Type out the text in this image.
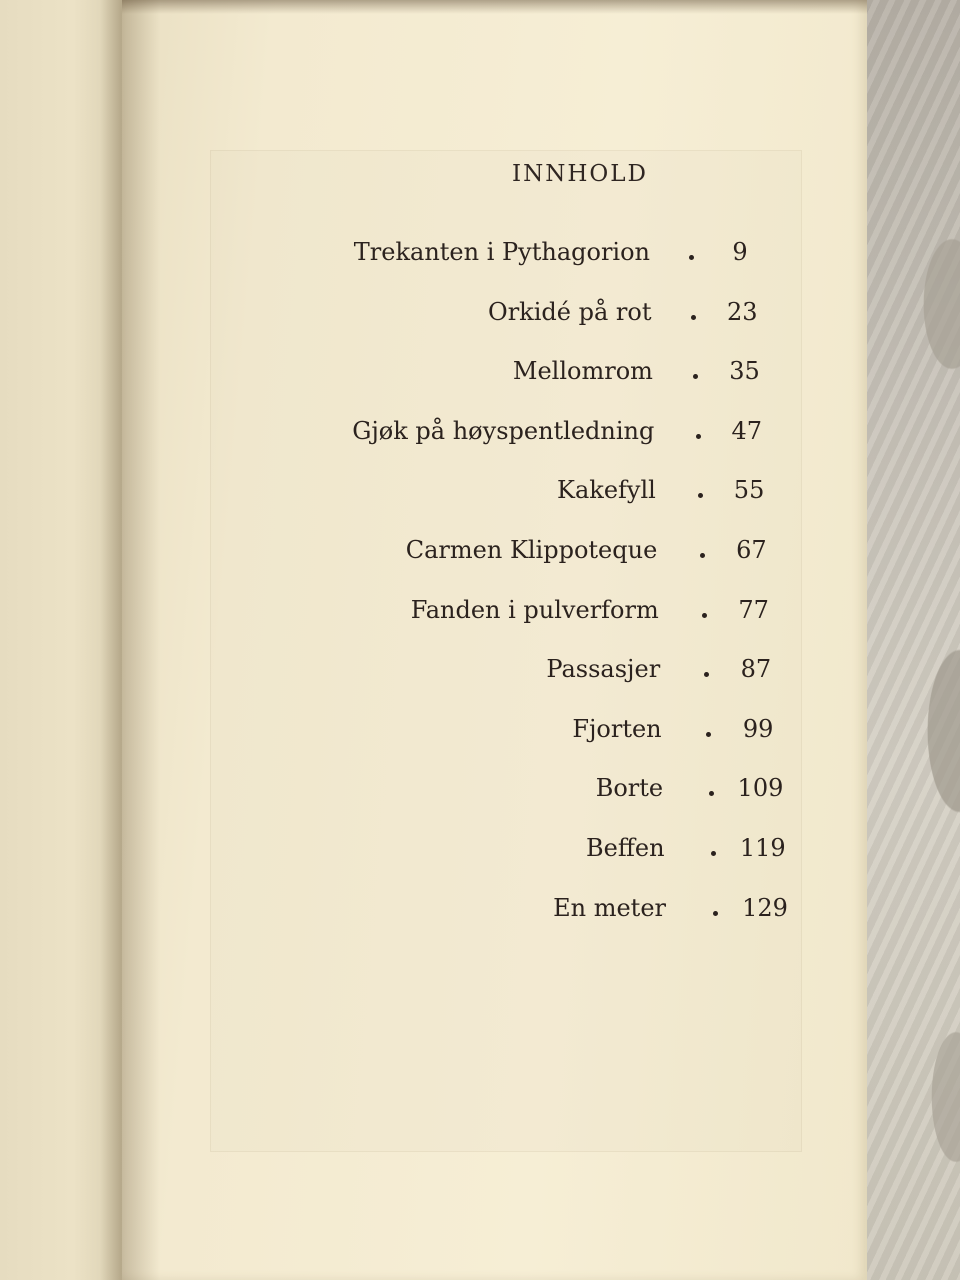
INNHOLD
Trekanten i Pythagorion	9
Orkidé på rot	23
Mellomrom	35
Gjøk på høyspentledning	47
Kakefyll	55
Carmen Klippoteque	67
Fanden i pulverform	77
Passasjer	87
Fjorten	99
Borte	109
Beffen	119
En meter	129
